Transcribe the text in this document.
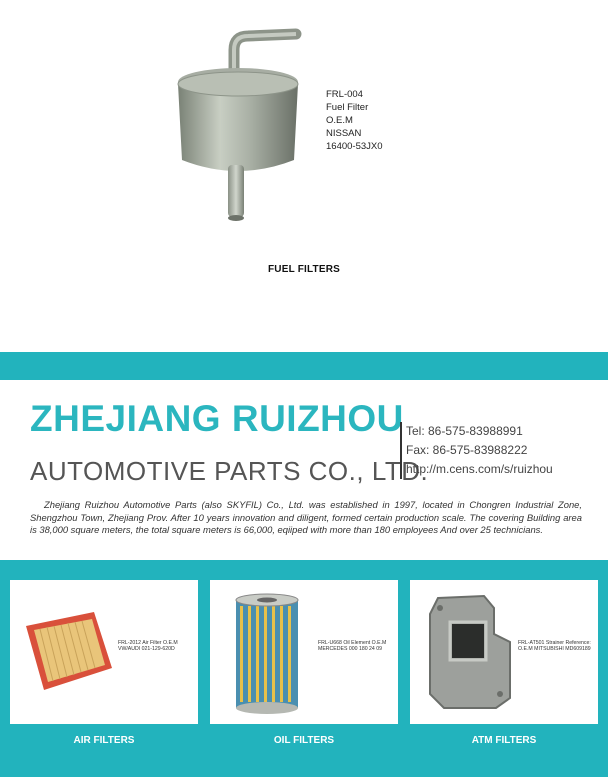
FRL-004
Fuel Filter
O.E.M
NISSAN
16400-53JX0
FUEL FILTERS
ZHEJIANG RUIZHOU
AUTOMOTIVE PARTS CO., LTD.
Tel: 86-575-83988991
Fax: 86-575-83988222
http://m.cens.com/s/ruizhou
Zhejiang Ruizhou Automotive Parts (also SKYFIL) Co., Ltd. was established in 1997, located in Chongren Industrial Zone, Shengzhou Town, Zhejiang Prov. After 10 years innovation and diligent, formed certain production scale. The covering Building area is 38,000 square meters, the total square meters is 66,000, eqiiped with more than 180 employees And over 25 technicians.
FRL-2012 Air Filter O.E.M VW/AUDI 021-129-620D
AIR FILTERS
FRL-U668 Oil Element O.E.M MERCEDES 000 180 24 09
OIL FILTERS
FRL-AT501 Strainer Reference: O.E.M MITSUBISHI MD609189
ATM FILTERS
